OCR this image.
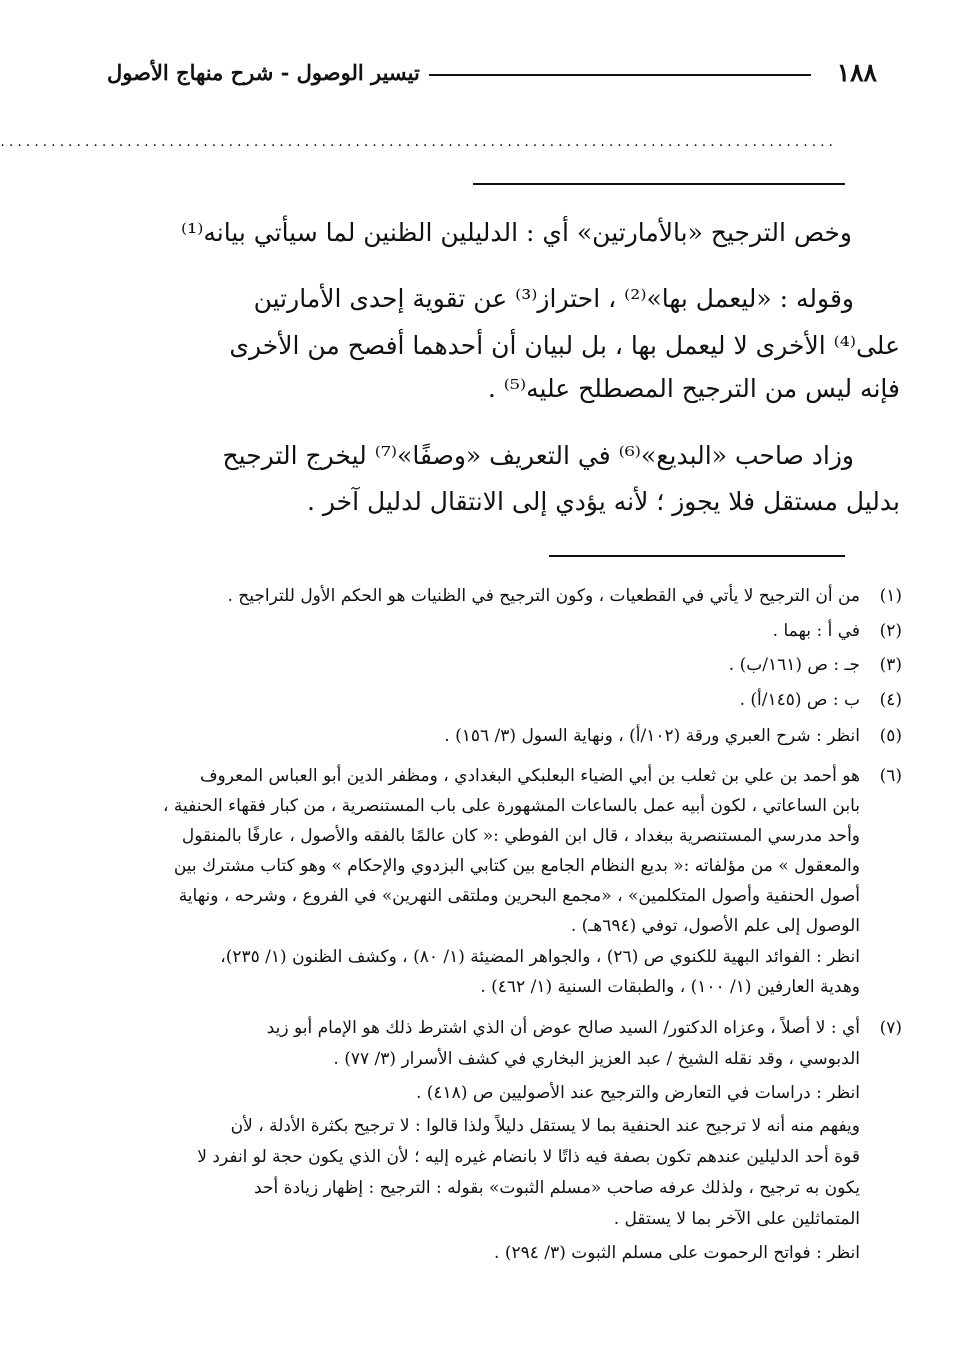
١٨٨
تيسير الوصول - شرح منهاج الأصول
...................................................................................................
وخص الترجيح «بالأمارتين» أي : الدليلين الظنين لما سيأتي بيانه⁽¹⁾
وقوله : «ليعمل بها»⁽²⁾ ، احتراز⁽³⁾ عن تقوية إحدى الأمارتين
على⁽⁴⁾ الأخرى لا ليعمل بها ، بل لبيان أن أحدهما أفصح من الأخرى
فإنه ليس من الترجيح المصطلح عليه⁽⁵⁾ .
وزاد صاحب «البديع»⁽⁶⁾ في التعريف «وصفًا»⁽⁷⁾ ليخرج الترجيح
بدليل مستقل فلا يجوز ؛ لأنه يؤدي إلى الانتقال لدليل آخر .
(١)
من أن الترجيح لا يأتي في القطعيات ، وكون الترجيح في الظنيات هو الحكم الأول للتراجيح .
(٢)
في أ : بهما .
(٣)
جـ : ص (١٦١/ب) .
(٤)
ب : ص (١٤٥/أ) .
(٥)
انظر : شرح العبري ورقة (١٠٢/أ) ، ونهاية السول (٣/ ١٥٦) .
(٦)
هو أحمد بن علي بن ثعلب بن أبي الضياء البعلبكي البغدادي ، ومظفر الدين أبو العباس المعروف
بابن الساعاتي ، لكون أبيه عمل بالساعات المشهورة على باب المستنصرية ، من كبار فقهاء الحنفية ،
وأحد مدرسي المستنصرية ببغداد ، قال ابن الفوطي :« كان عالمًا بالفقه والأصول ، عارفًا بالمنقول
والمعقول » من مؤلفاته :« بديع النظام الجامع بين كتابي البزدوي والإحكام » وهو كتاب مشترك بين
أصول الحنفية وأصول المتكلمين» ، «مجمع البحرين وملتقى النهرين» في الفروع ، وشرحه ، ونهاية
الوصول إلى علم الأصول، توفي (٦٩٤هـ) .
انظر : الفوائد البهية للكنوي ص (٢٦) ، والجواهر المضيئة (١/ ٨٠) ، وكشف الظنون (١/ ٢٣٥)،
وهدية العارفين (١/ ١٠٠) ، والطبقات السنية (١/ ٤٦٢) .
(٧)
أي : لا أصلاً ، وعزاه الدكتور/ السيد صالح عوض أن الذي اشترط ذلك هو الإمام أبو زيد
الدبوسي ، وقد نقله الشيخ / عبد العزيز البخاري في كشف الأسرار (٣/ ٧٧) .
انظر : دراسات في التعارض والترجيح عند الأصوليين ص (٤١٨) .
ويفهم منه أنه لا ترجيح عند الحنفية بما لا يستقل دليلاً ولذا قالوا : لا ترجيح بكثرة الأدلة ، لأن
قوة أحد الدليلين عندهم تكون بصفة فيه ذاتًا لا بانضام غيره إليه ؛ لأن الذي يكون حجة لو انفرد لا
يكون به ترجيح ، ولذلك عرفه صاحب «مسلم الثبوت» بقوله : الترجيح : إظهار زيادة أحد
المتماثلين على الآخر بما لا يستقل .
انظر : فواتح الرحموت على مسلم الثبوت (٣/ ٢٩٤) .
